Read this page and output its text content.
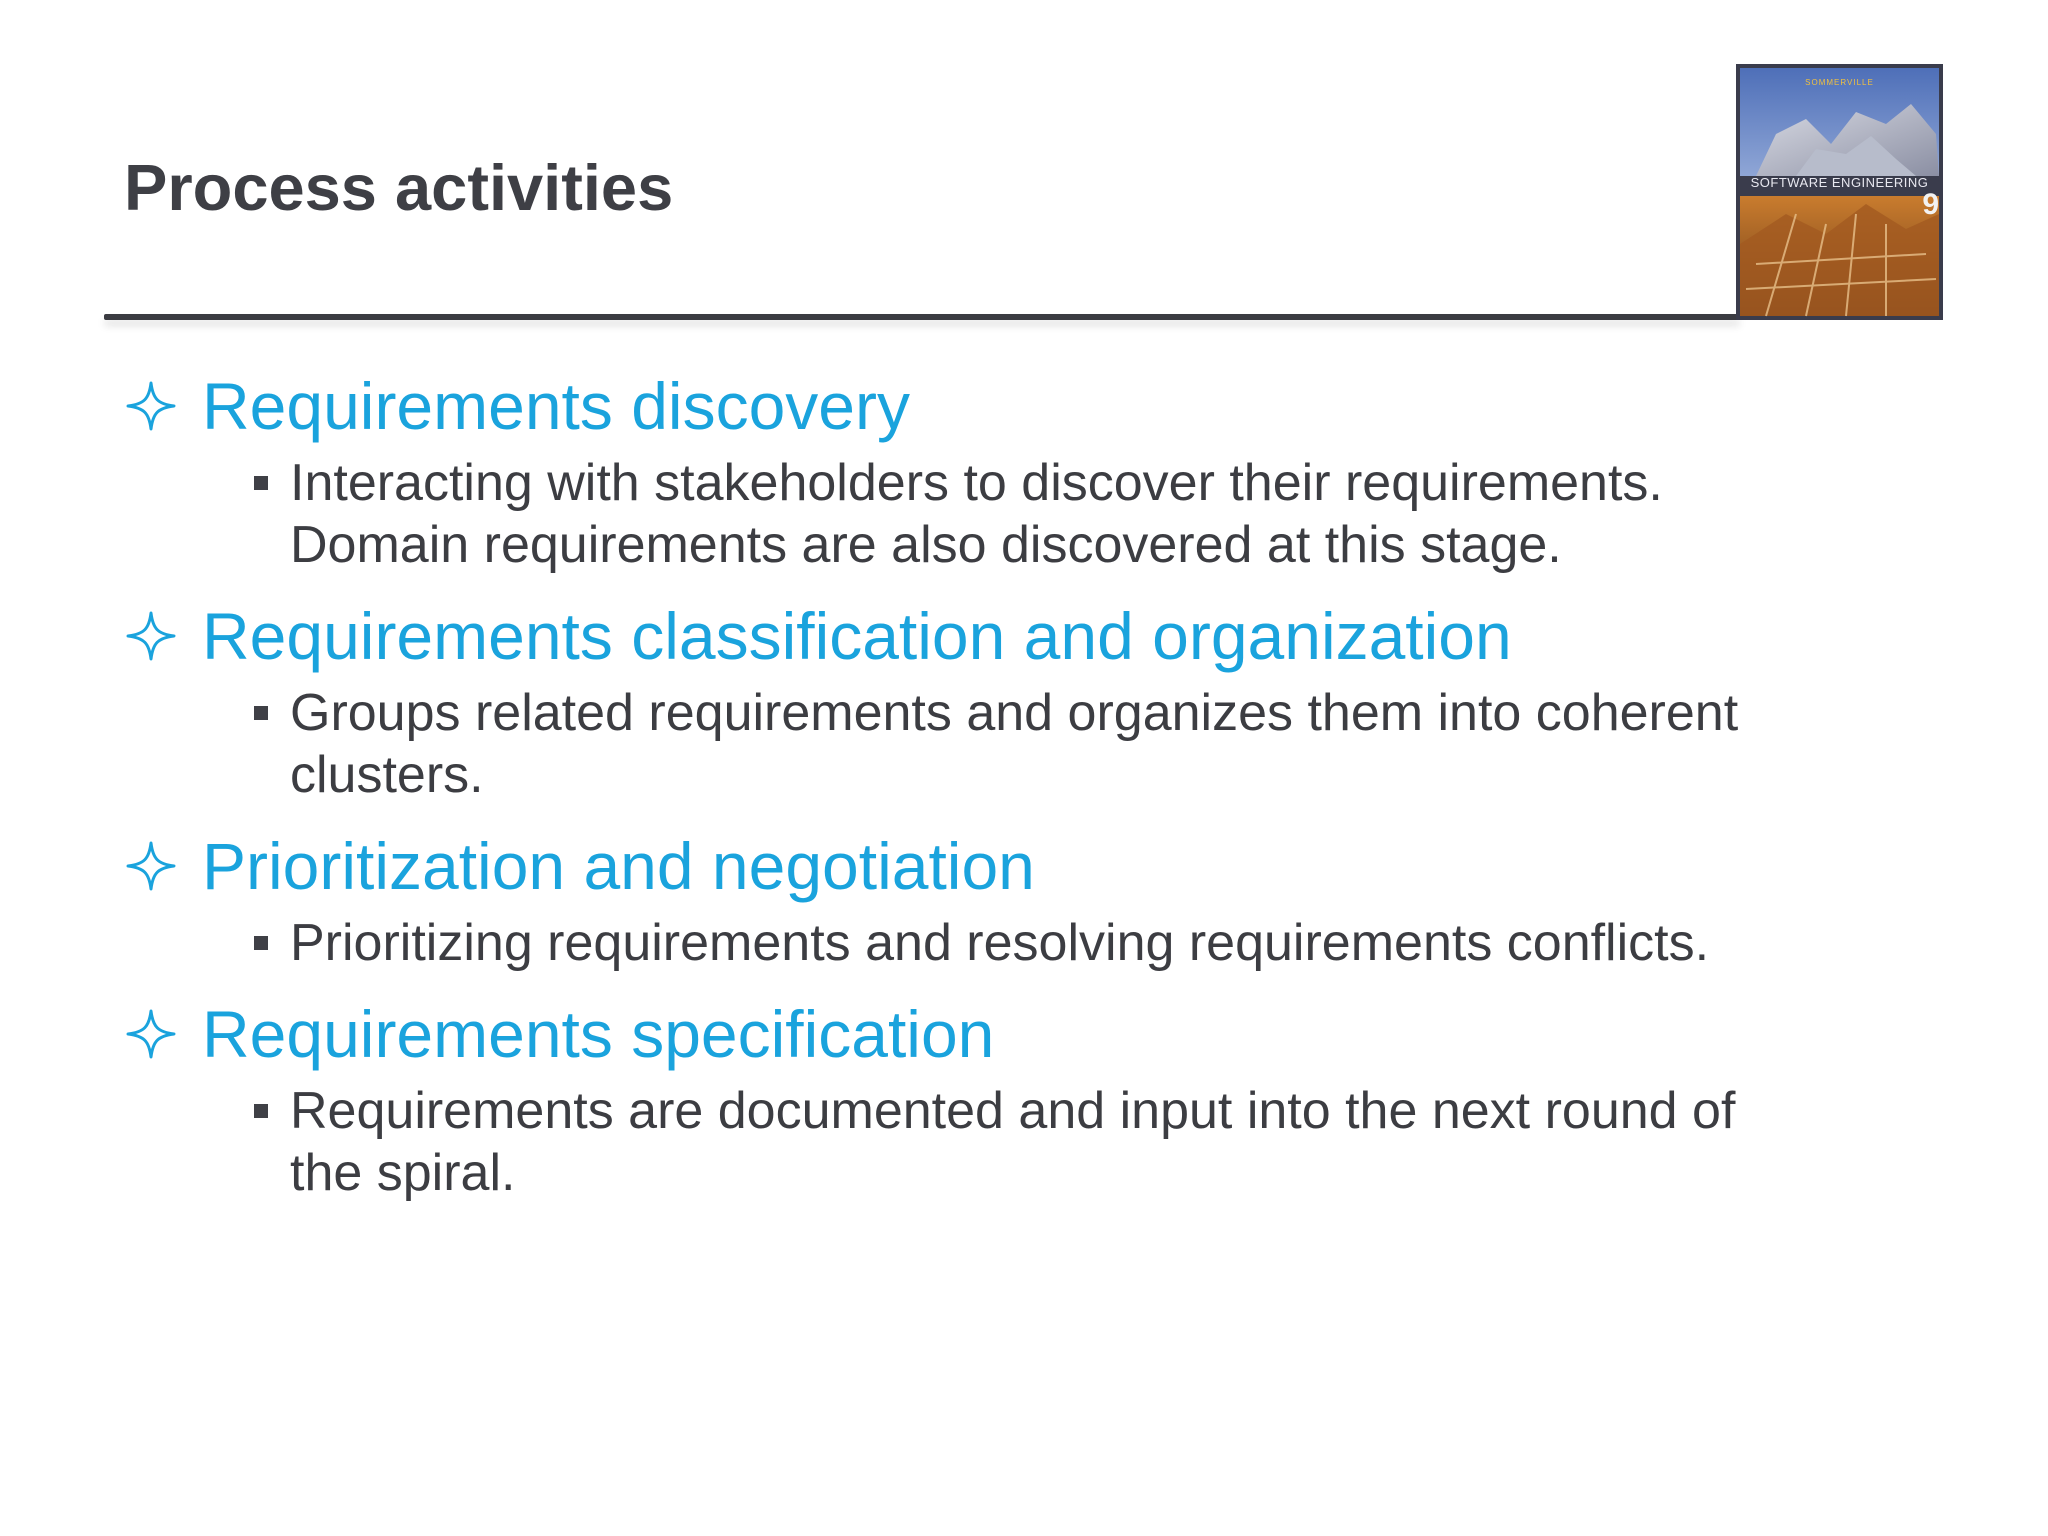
Process activities
SOMMERVILLE
SOFTWARE ENGINEERING
9
Requirements discovery
Interacting with stakeholders to discover their requirements.
Domain requirements are also discovered at this stage.
Requirements classification and organization
Groups related requirements and organizes them into coherent
clusters.
Prioritization and negotiation
Prioritizing requirements and resolving requirements conflicts.
Requirements specification
Requirements are documented and input into the next round of
the spiral.
